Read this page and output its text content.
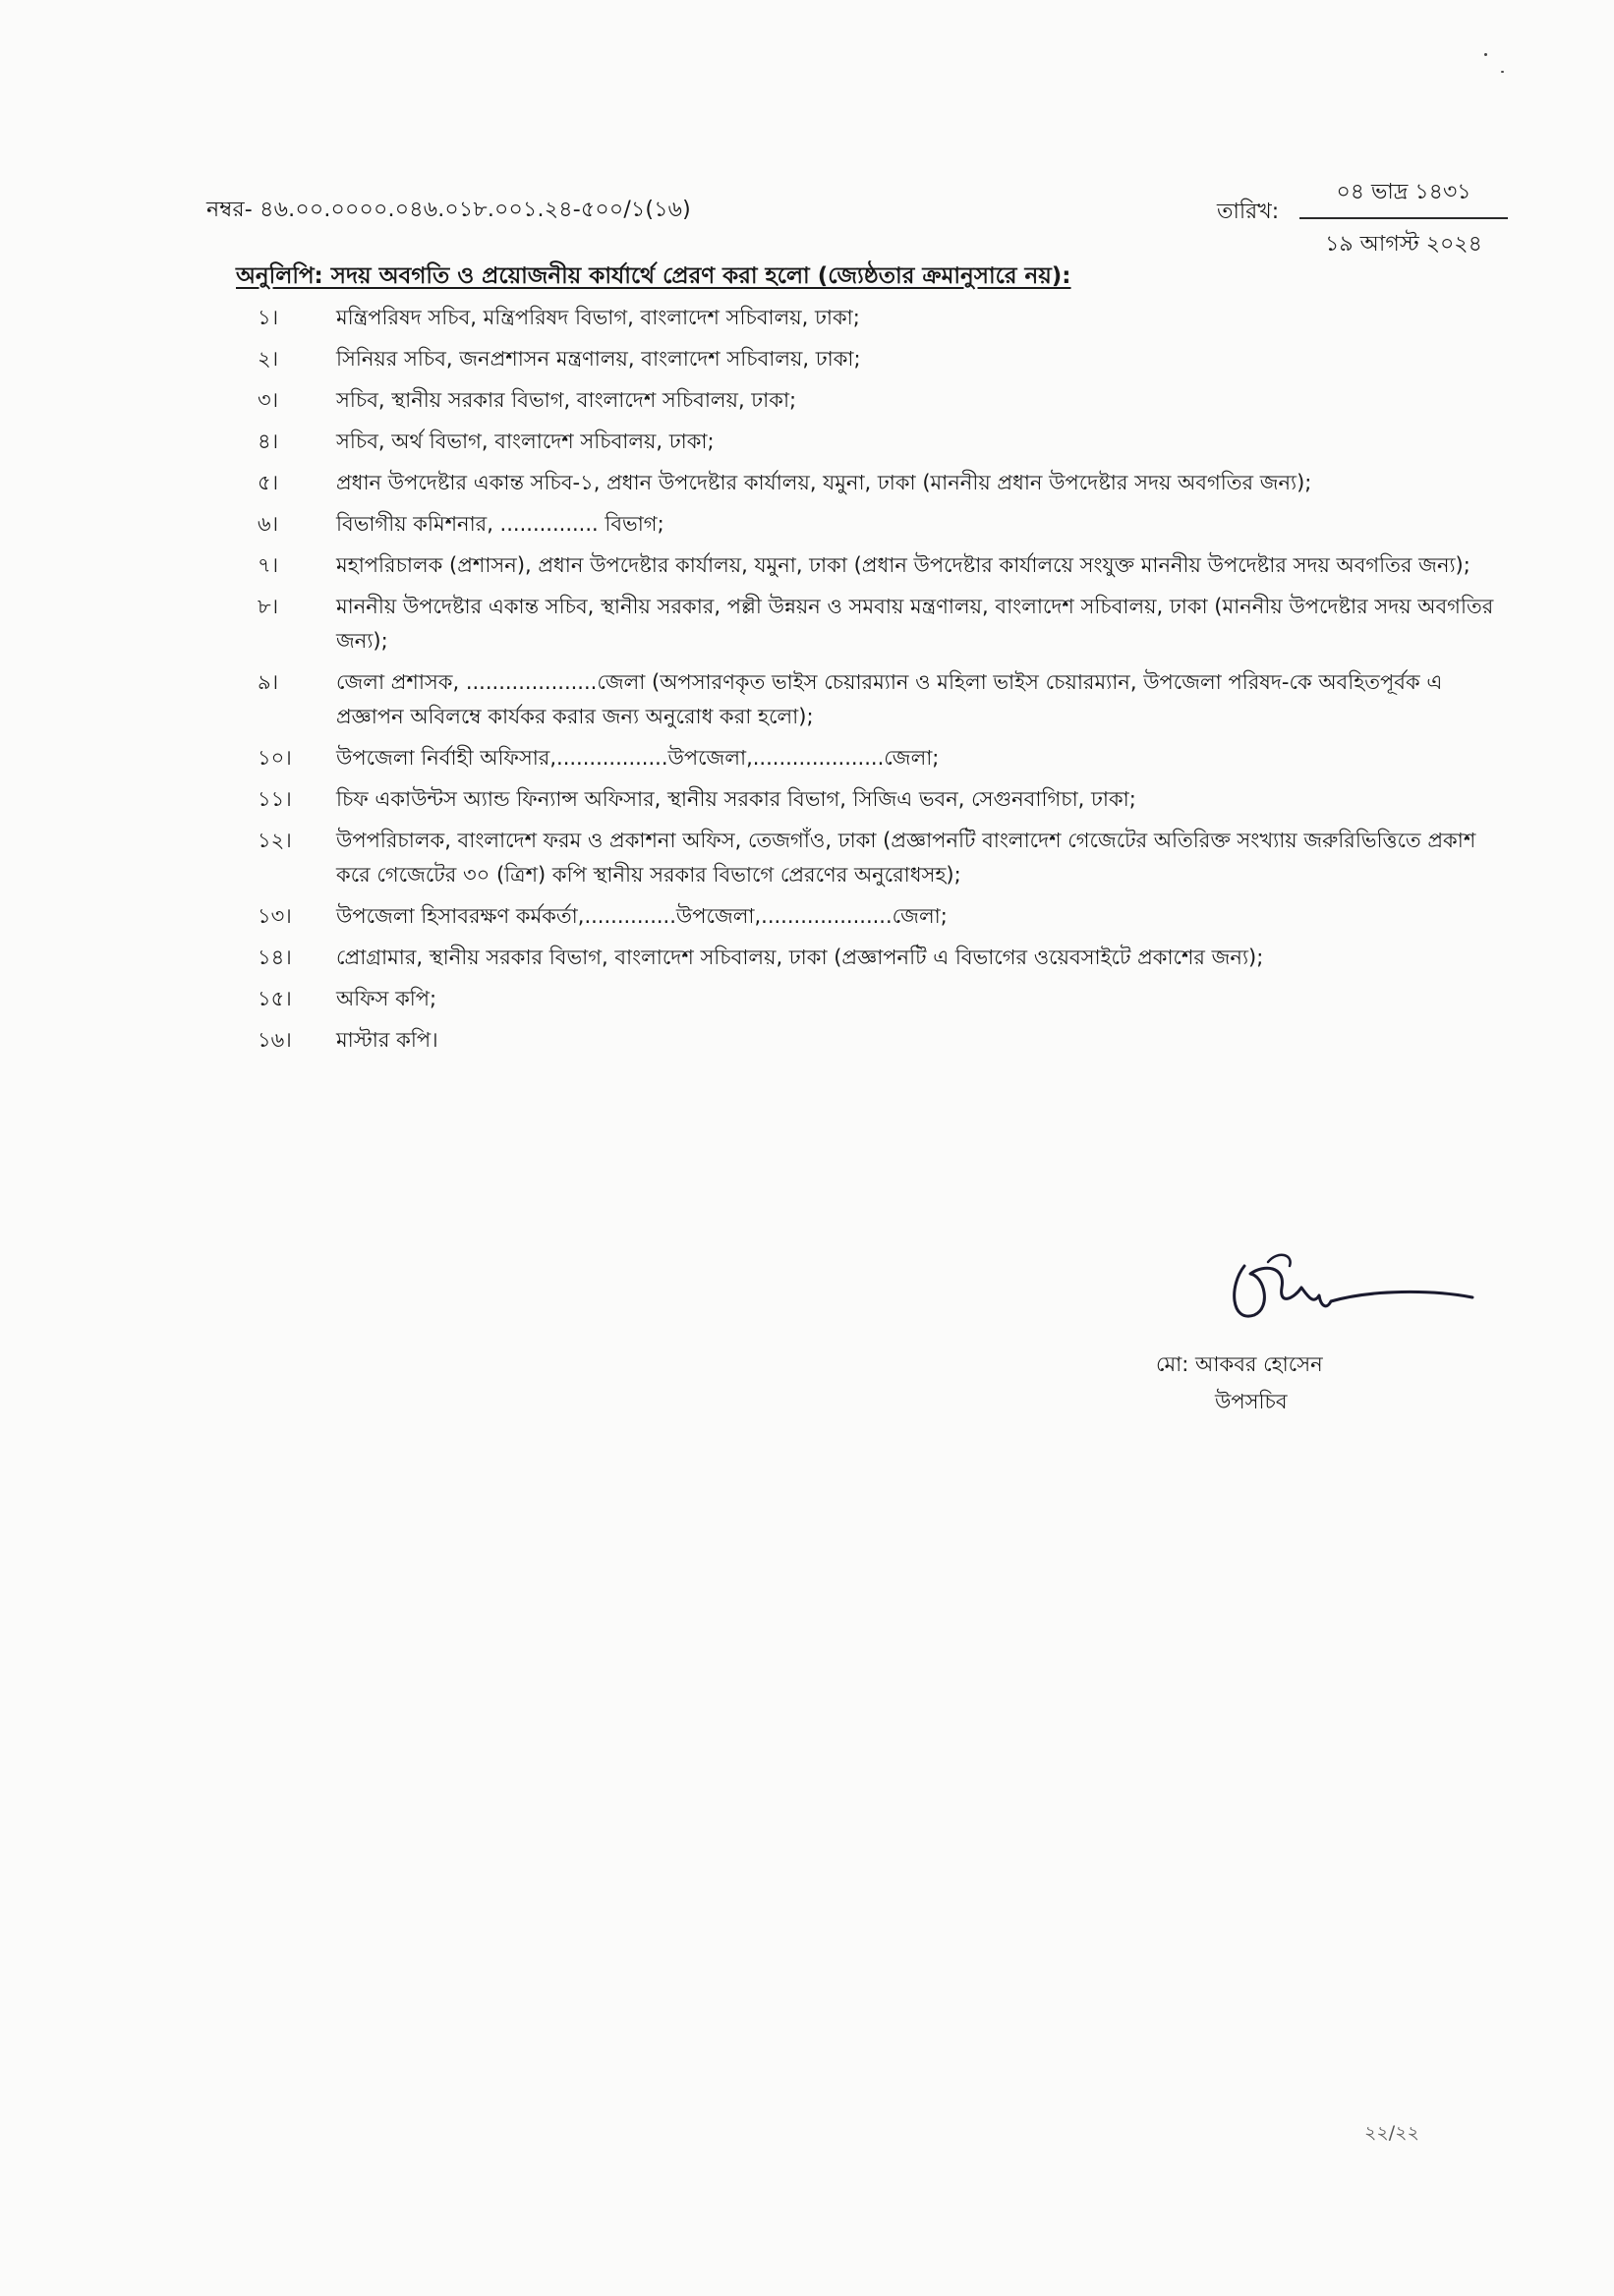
নম্বর- ৪৬.০০.০০০০.০৪৬.০১৮.০০১.২৪-৫০০/১(১৬)	তারিখ:
০৪ ভাদ্র ১৪৩১
১৯ আগস্ট ২০২৪
অনুলিপি: সদয় অবগতি ও প্রয়োজনীয় কার্যার্থে প্রেরণ করা হলো (জ্যেষ্ঠতার ক্রমানুসারে নয়):
১।	মন্ত্রিপরিষদ সচিব, মন্ত্রিপরিষদ বিভাগ, বাংলাদেশ সচিবালয়, ঢাকা;
২।	সিনিয়র সচিব, জনপ্রশাসন মন্ত্রণালয়, বাংলাদেশ সচিবালয়, ঢাকা;
৩।	সচিব, স্থানীয় সরকার বিভাগ, বাংলাদেশ সচিবালয়, ঢাকা;
৪।	সচিব, অর্থ বিভাগ, বাংলাদেশ সচিবালয়, ঢাকা;
৫।	প্রধান উপদেষ্টার একান্ত সচিব-১, প্রধান উপদেষ্টার কার্যালয়, যমুনা, ঢাকা (মাননীয় প্রধান উপদেষ্টার সদয় অবগতির জন্য);
৬।	বিভাগীয় কমিশনার, ............... বিভাগ;
৭।	মহাপরিচালক (প্রশাসন), প্রধান উপদেষ্টার কার্যালয়, যমুনা, ঢাকা (প্রধান উপদেষ্টার কার্যালয়ে সংযুক্ত মাননীয় উপদেষ্টার সদয় অবগতির জন্য);
৮।	মাননীয় উপদেষ্টার একান্ত সচিব, স্থানীয় সরকার, পল্লী উন্নয়ন ও সমবায় মন্ত্রণালয়, বাংলাদেশ সচিবালয়, ঢাকা (মাননীয় উপদেষ্টার সদয় অবগতির জন্য);
৯।	জেলা প্রশাসক, ....................জেলা (অপসারণকৃত ভাইস চেয়ারম্যান ও মহিলা ভাইস চেয়ারম্যান, উপজেলা পরিষদ-কে অবহিতপূর্বক এ প্রজ্ঞাপন অবিলম্বে কার্যকর করার জন্য অনুরোধ করা হলো);
১০।	উপজেলা নির্বাহী অফিসার,.................উপজেলা,....................জেলা;
১১।	চিফ একাউন্টস অ্যান্ড ফিন্যান্স অফিসার, স্থানীয় সরকার বিভাগ, সিজিএ ভবন, সেগুনবাগিচা, ঢাকা;
১২।	উপপরিচালক, বাংলাদেশ ফরম ও প্রকাশনা অফিস, তেজগাঁও, ঢাকা (প্রজ্ঞাপনটি বাংলাদেশ গেজেটের অতিরিক্ত সংখ্যায় জরুরিভিত্তিতে প্রকাশ করে গেজেটের ৩০ (ত্রিশ) কপি স্থানীয় সরকার বিভাগে প্রেরণের অনুরোধসহ);
১৩।	উপজেলা হিসাবরক্ষণ কর্মকর্তা,..............উপজেলা,....................জেলা;
১৪।	প্রোগ্রামার, স্থানীয় সরকার বিভাগ, বাংলাদেশ সচিবালয়, ঢাকা (প্রজ্ঞাপনটি এ বিভাগের ওয়েবসাইটে প্রকাশের জন্য);
১৫।	অফিস কপি;
১৬।	মাস্টার কপি।
মো: আকবর হোসেন
উপসচিব
২২/২২
